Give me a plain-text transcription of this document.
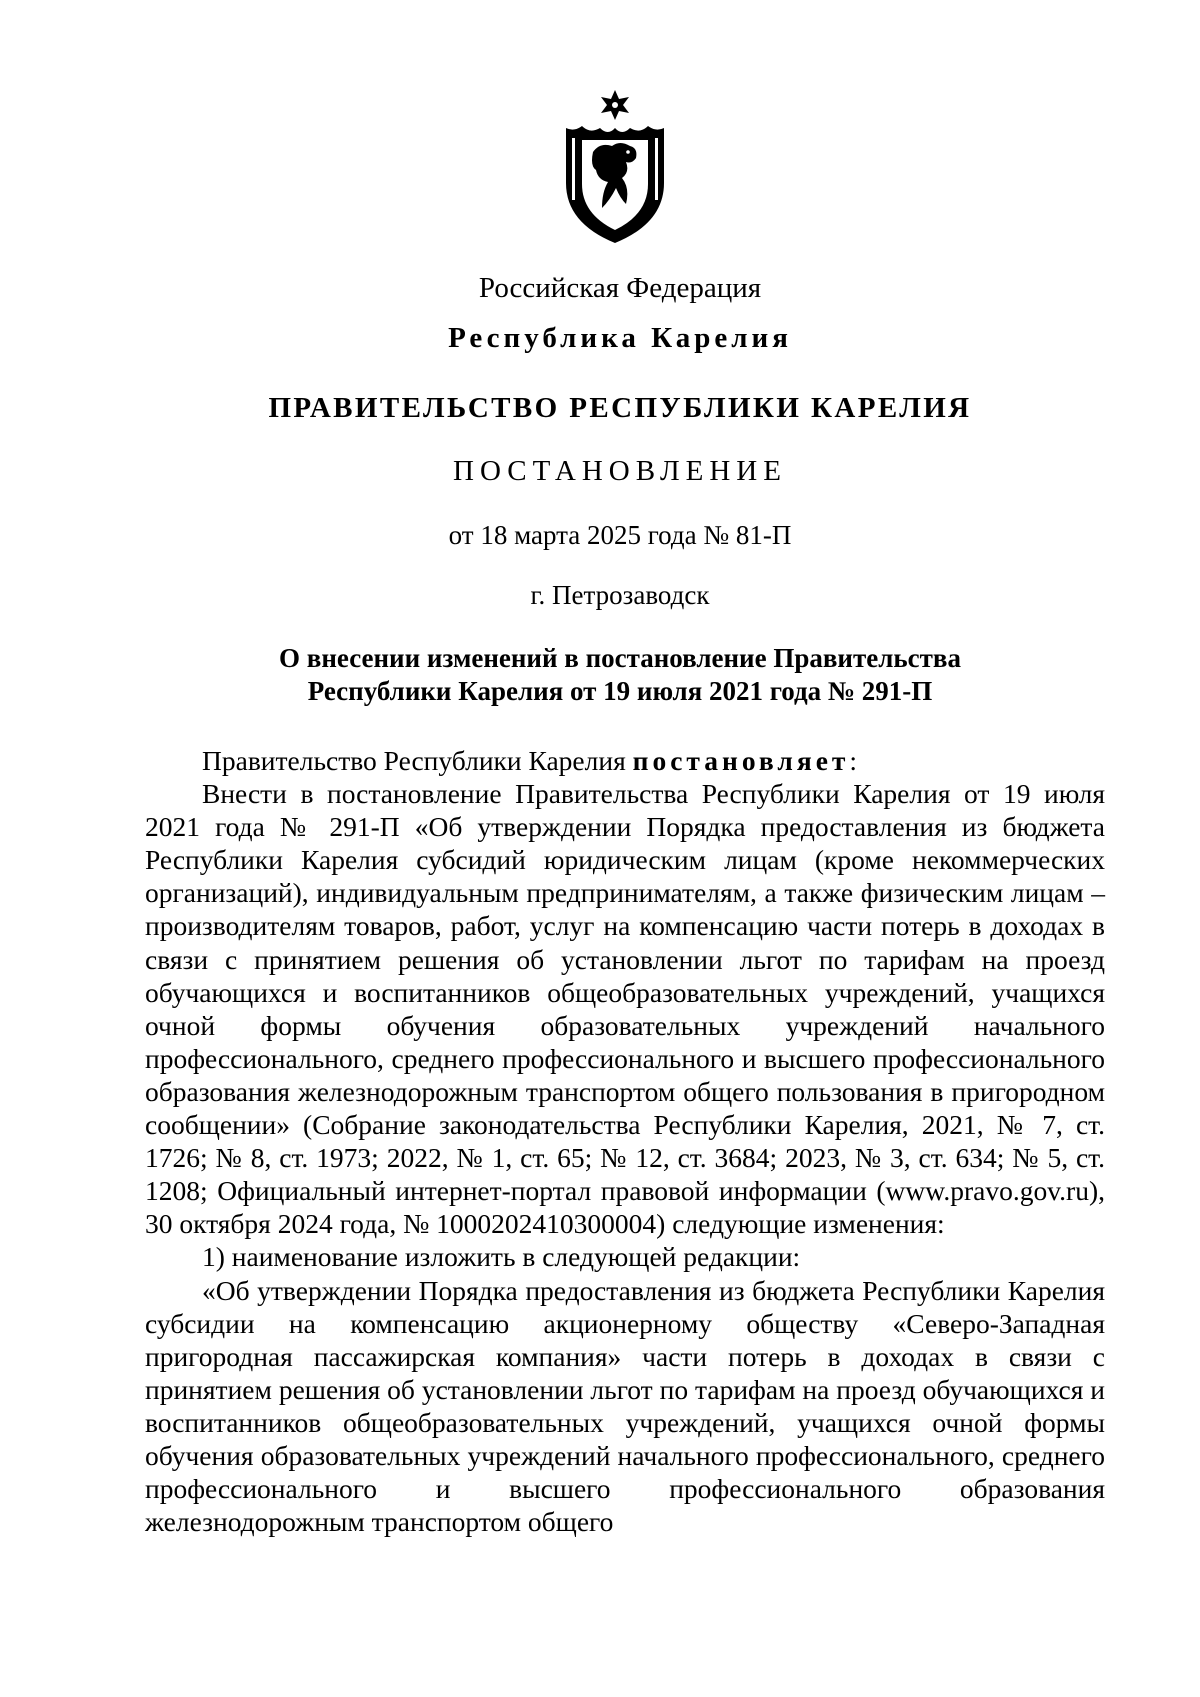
Российская Федерация
Республика Карелия
ПРАВИТЕЛЬСТВО РЕСПУБЛИКИ КАРЕЛИЯ
ПОСТАНОВЛЕНИЕ
от 18 марта 2025 года № 81-П
г. Петрозаводск
О внесении изменений в постановление Правительства
Республики Карелия от 19 июля 2021 года № 291-П

Правительство Республики Карелия постановляет:

Внести в постановление Правительства Республики Карелия от 19 июля 2021 года № 291-П «Об утверждении Порядка предоставления из бюджета Республики Карелия субсидий юридическим лицам (кроме некоммерческих организаций), индивидуальным предпринимателям, а также физическим лицам – производителям товаров, работ, услуг на компенсацию части потерь в доходах в связи с принятием решения об установлении льгот по тарифам на проезд обучающихся и воспитанников общеобразовательных учреждений, учащихся очной формы обучения образовательных учреждений начального профессионального, среднего профессионального и высшего профессионального образования железнодорожным транспортом общего пользования в пригородном сообщении» (Собрание законодательства Республики Карелия, 2021, № 7, ст. 1726; № 8, ст. 1973; 2022, № 1, ст. 65; № 12, ст. 3684; 2023, № 3, ст. 634; № 5, ст. 1208; Официальный интернет-портал правовой информации (www.pravo.gov.ru), 30 октября 2024 года, № 1000202410300004) следующие изменения:

1) наименование изложить в следующей редакции:

«Об утверждении Порядка предоставления из бюджета Республики Карелия субсидии на компенсацию акционерному обществу «Северо-Западная пригородная пассажирская компания» части потерь в доходах в связи с принятием решения об установлении льгот по тарифам на проезд обучающихся и воспитанников общеобразовательных учреждений, учащихся очной формы обучения образовательных учреждений начального профессионального, среднего профессионального и высшего профессионального образования железнодорожным транспортом общего
